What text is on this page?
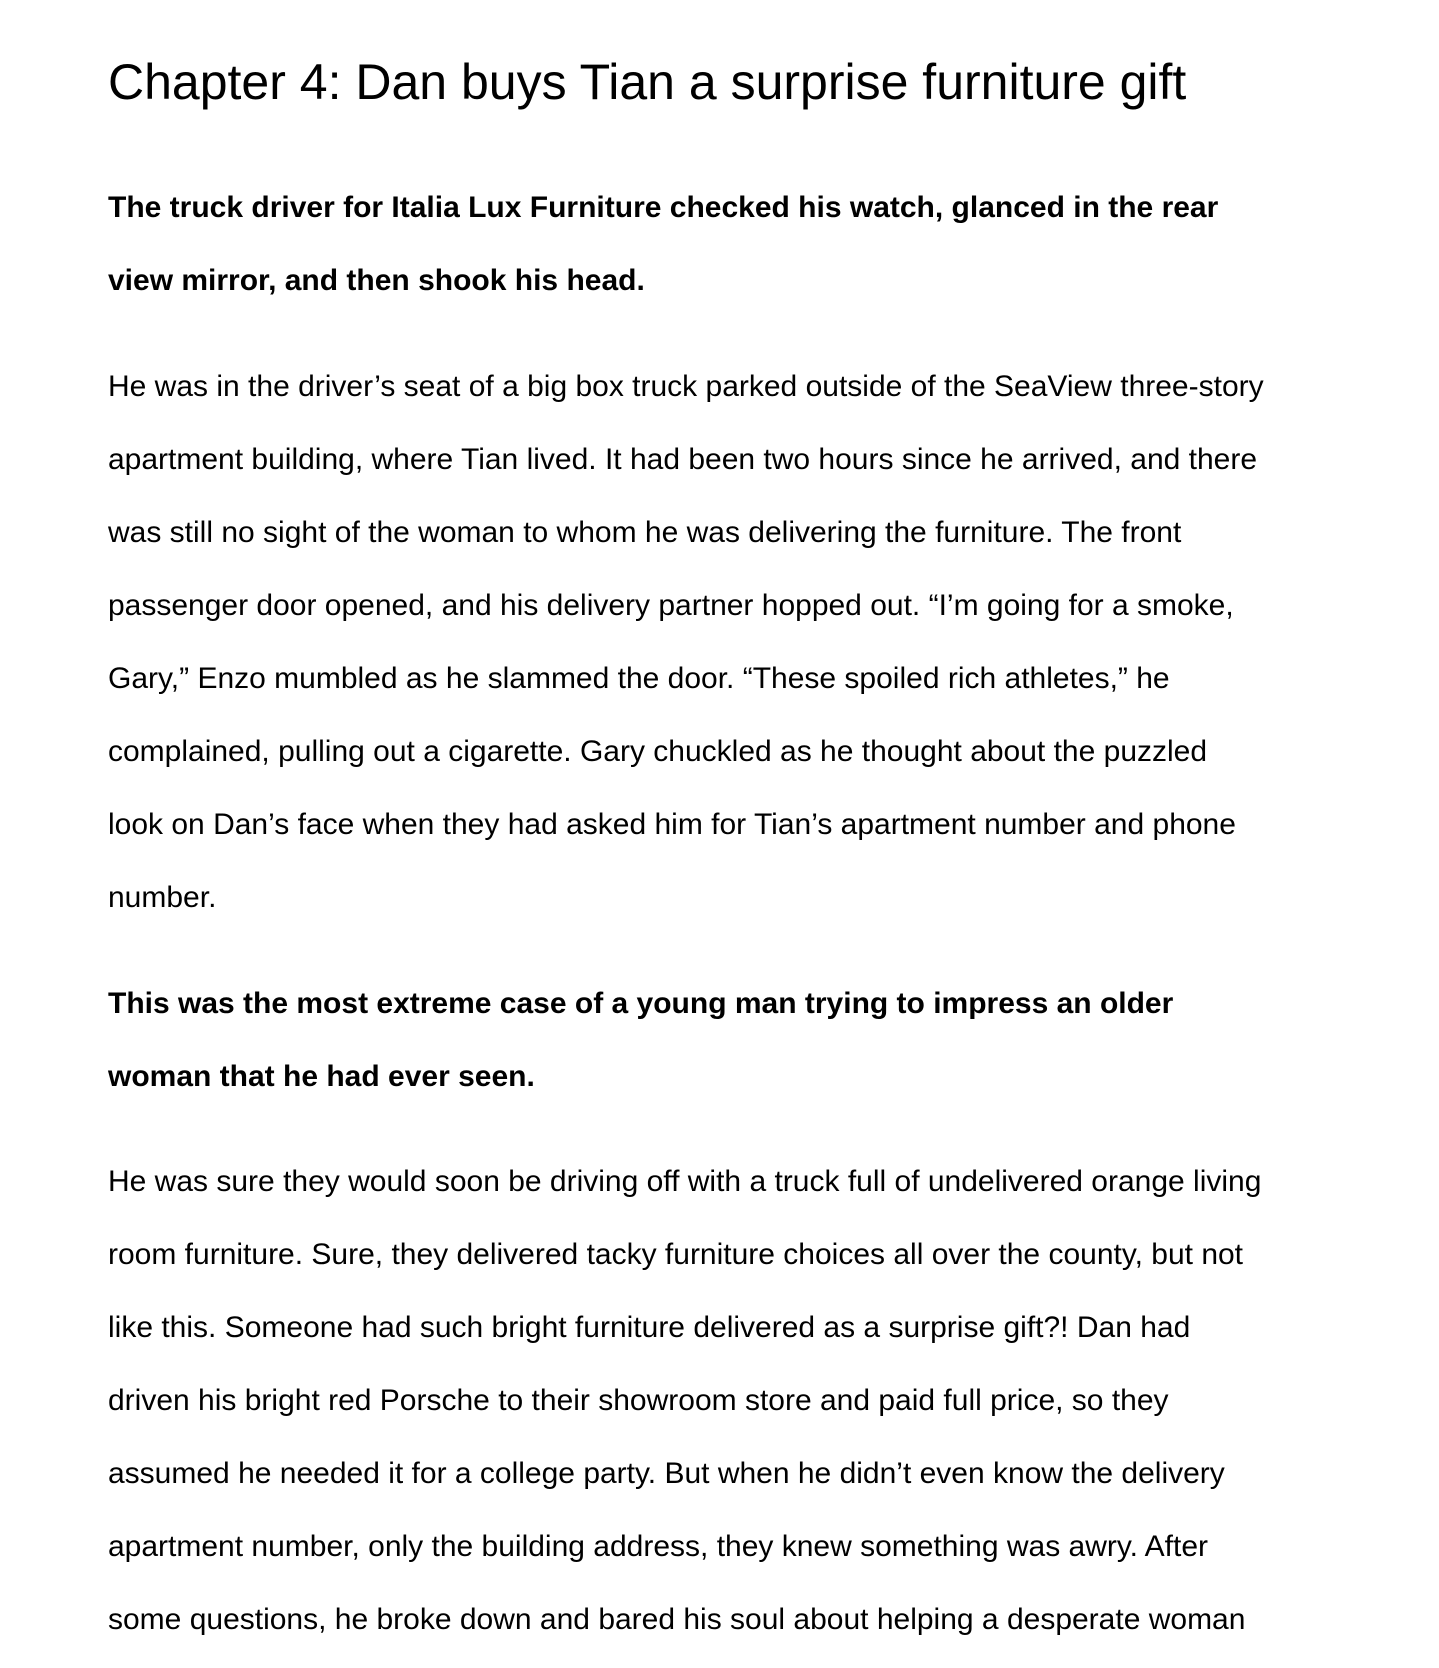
Chapter 4: Dan buys Tian a surprise furniture gift
The truck driver for Italia Lux Furniture checked his watch, glanced in the rear
view mirror, and then shook his head.
He was in the driver’s seat of a big box truck parked outside of the SeaView three-story
apartment building, where Tian lived. It had been two hours since he arrived, and there
was still no sight of the woman to whom he was delivering the furniture. The front
passenger door opened, and his delivery partner hopped out. “I’m going for a smoke,
Gary,” Enzo mumbled as he slammed the door. “These spoiled rich athletes,” he
complained, pulling out a cigarette. Gary chuckled as he thought about the puzzled
look on Dan’s face when they had asked him for Tian’s apartment number and phone
number.
This was the most extreme case of a young man trying to impress an older
woman that he had ever seen.
He was sure they would soon be driving off with a truck full of undelivered orange living
room furniture. Sure, they delivered tacky furniture choices all over the county, but not
like this. Someone had such bright furniture delivered as a surprise gift?! Dan had
driven his bright red Porsche to their showroom store and paid full price, so they
assumed he needed it for a college party. But when he didn’t even know the delivery
apartment number, only the building address, they knew something was awry. After
some questions, he broke down and bared his soul about helping a desperate woman
